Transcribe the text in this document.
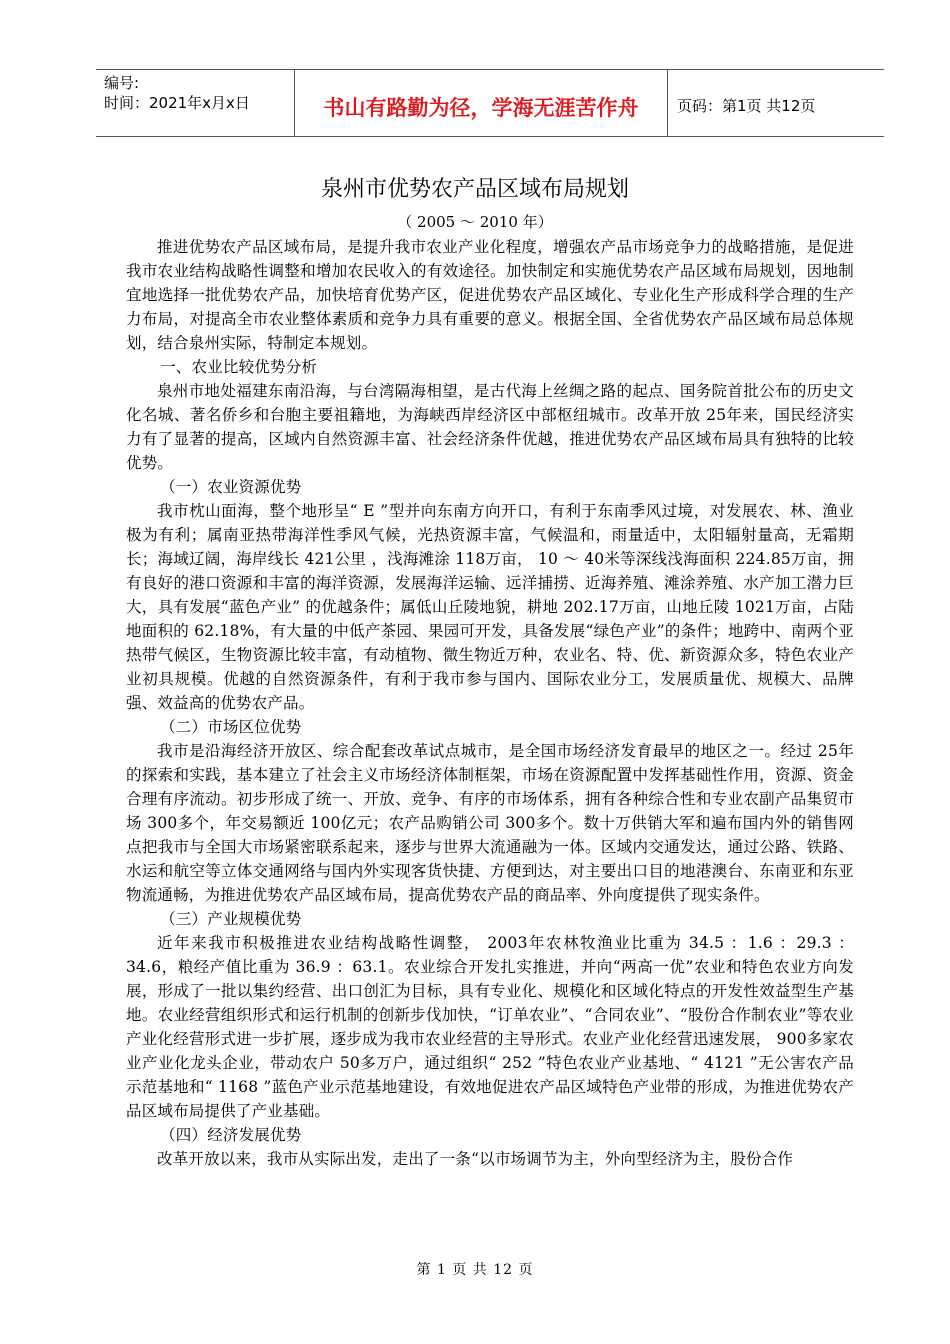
编号:
时间：2021年x月x日	书山有路勤为径，学海无涯苦作舟	页码：第1页 共12页
泉州市优势农产品区域布局规划
（ 2005 ～ 2010 年）

推进优势农产品区域布局，是提升我市农业产业化程度，增强农产品市场竞争力的战略措施，是促进我市农业结构战略性调整和增加农民收入的有效途径。加快制定和实施优势农产品区域布局规划，因地制宜地选择一批优势农产品，加快培育优势产区，促进优势农产品区域化、专业化生产形成科学合理的生产力布局，对提高全市农业整体素质和竞争力具有重要的意义。根据全国、全省优势农产品区域布局总体规划，结合泉州实际，特制定本规划。

一、农业比较优势分析

泉州市地处福建东南沿海，与台湾隔海相望，是古代海上丝绸之路的起点、国务院首批公布的历史文化名城、著名侨乡和台胞主要祖籍地，为海峡西岸经济区中部枢纽城市。改革开放 25年来，国民经济实力有了显著的提高，区域内自然资源丰富、社会经济条件优越，推进优势农产品区域布局具有独特的比较优势。

（一）农业资源优势

我市枕山面海，整个地形呈“ E ”型并向东南方向开口，有利于东南季风过境，对发展农、林、渔业极为有利；属南亚热带海洋性季风气候，光热资源丰富，气候温和，雨量适中，太阳辐射量高，无霜期长；海域辽阔，海岸线长 421公里 ，浅海滩涂 118万亩， 10 ～ 40米等深线浅海面积 224.85万亩，拥有良好的港口资源和丰富的海洋资源，发展海洋运输、远洋捕捞、近海养殖、滩涂养殖、水产加工潜力巨大，具有发展“蓝色产业” 的优越条件；属低山丘陵地貌，耕地 202.17万亩，山地丘陵 1021万亩，占陆地面积的 62.18%，有大量的中低产茶园、果园可开发，具备发展“绿色产业”的条件；地跨中、南两个亚热带气候区，生物资源比较丰富，有动植物、微生物近万种，农业名、特、优、新资源众多，特色农业产业初具规模。优越的自然资源条件，有利于我市参与国内、国际农业分工，发展质量优、规模大、品牌强、效益高的优势农产品。

（二）市场区位优势

我市是沿海经济开放区、综合配套改革试点城市，是全国市场经济发育最早的地区之一。经过 25年的探索和实践，基本建立了社会主义市场经济体制框架，市场在资源配置中发挥基础性作用，资源、资金合理有序流动。初步形成了统一、开放、竞争、有序的市场体系，拥有各种综合性和专业农副产品集贸市场 300多个，年交易额近 100亿元；农产品购销公司 300多个。数十万供销大军和遍布国内外的销售网点把我市与全国大市场紧密联系起来，逐步与世界大流通融为一体。区域内交通发达，通过公路、铁路、水运和航空等立体交通网络与国内外实现客货快捷、方便到达，对主要出口目的地港澳台、东南亚和东亚物流通畅，为推进优势农产品区域布局，提高优势农产品的商品率、外向度提供了现实条件。

（三）产业规模优势

近年来我市积极推进农业结构战略性调整， 2003年农林牧渔业比重为 34.5 ：1.6 ：29.3 ：34.6，粮经产值比重为 36.9 ：63.1。农业综合开发扎实推进，并向“两高一优”农业和特色农业方向发展，形成了一批以集约经营、出口创汇为目标，具有专业化、规模化和区域化特点的开发性效益型生产基地。农业经营组织形式和运行机制的创新步伐加快，“订单农业”、“合同农业”、“股份合作制农业”等农业产业化经营形式进一步扩展，逐步成为我市农业经营的主导形式。农业产业化经营迅速发展， 900多家农业产业化龙头企业，带动农户 50多万户，通过组织“ 252 ”特色农业产业基地、“ 4121 ”无公害农产品示范基地和“ 1168 ”蓝色产业示范基地建设，有效地促进农产品区域特色产业带的形成，为推进优势农产品区域布局提供了产业基础。

（四）经济发展优势

改革开放以来，我市从实际出发，走出了一条“以市场调节为主，外向型经济为主，股份合作

第 1 页 共 12 页
